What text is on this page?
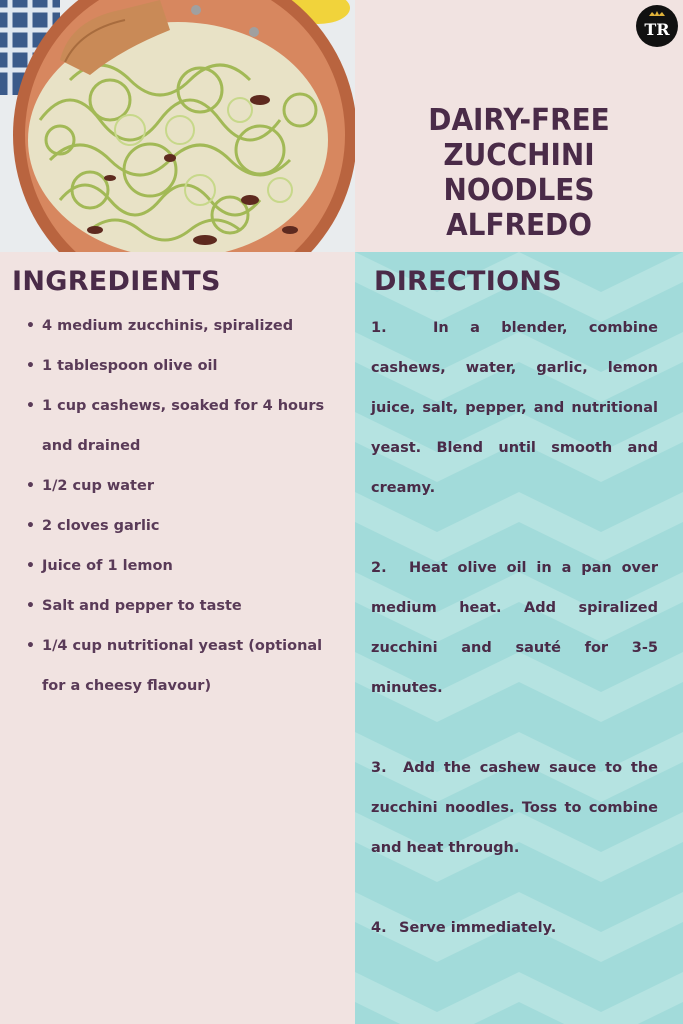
DAIRY-FREE ZUCCHINI NOODLES ALFREDO
TR
INGREDIENTS	DIRECTIONS
• 4 medium zucchinis, spiralized
• 1 tablespoon olive oil
• 1 cup cashews, soaked for 4 hours and drained
• 1/2 cup water
• 2 cloves garlic
• Juice of 1 lemon
• Salt and pepper to taste
• 1/4 cup nutritional yeast (optional for a cheesy flavour)

1.	In a blender, combine cashews, water, garlic, lemon juice, salt, pepper, and nutritional yeast. Blend until smooth and creamy.

2. Heat olive oil in a pan over medium heat. Add spiralized zucchini and sauté for 3-5 minutes.

3. Add the cashew sauce to the zucchini noodles. Toss to combine and heat through.

4. Serve immediately.
